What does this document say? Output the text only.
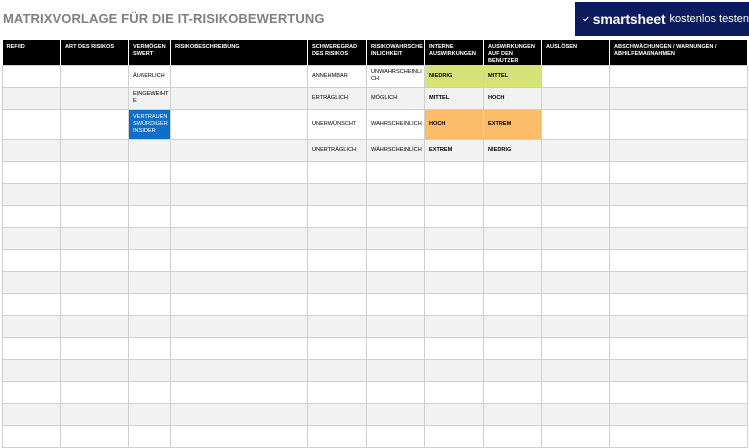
MATRIXVORLAGE FÜR DIE IT-RISIKOBEWERTUNG	smartsheet kostenlos testen
REF/ID	ART DES RISIKOS	VERMÖGEN SWERT	RISIKOBESCHREIBUNG	SCHWEREGRAD DES RISIKOS	RISIKOWAHRSCHE INLICHKEIT	INTERNE AUSWIRKUNGEN	AUSWIRKUNGEN AUF DEN BENUTZER	AUSLÖSEN	ABSCHWÄCHUNGEN / WARNUNGEN / ABHILFEMAßNAHMEN
		ÄUßERLICH		ANNEHMBAR	UNWAHRSCHEINLI CH	NIEDRIG	MITTEL		
		EINGEWEIHT E		ERTRÄGLICH	MÖGLICH	MITTEL	HOCH		
		VERTRAUEN SWÜRDIGER INSIDER		UNERWÜNSCHT	WAHRSCHEINLICH	HOCH	EXTREM		
				UNERTRÄGLICH	WAHRSCHEINLICH	EXTREM	NIEDRIG		
